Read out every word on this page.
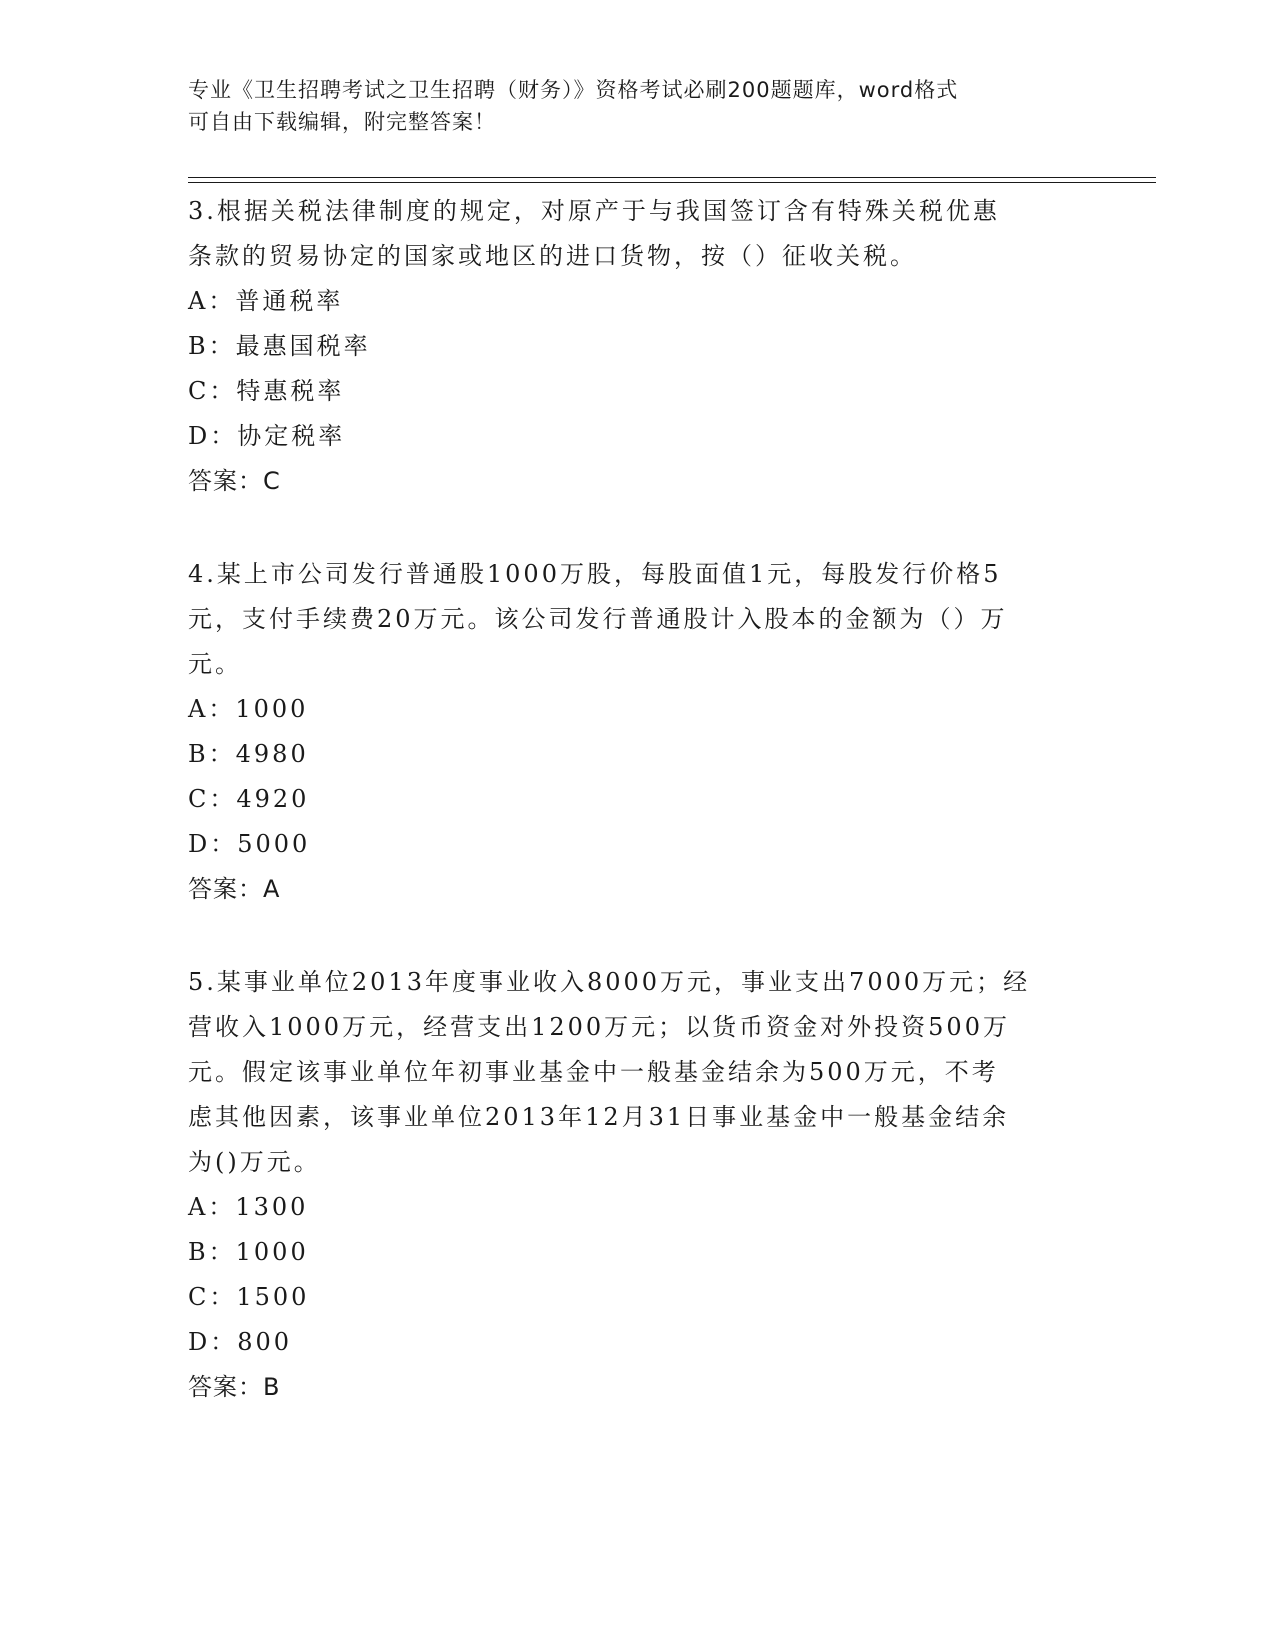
专业《卫生招聘考试之卫生招聘（财务）》资格考试必刷200题题库，word格式
可自由下载编辑，附完整答案！
3.根据关税法律制度的规定，对原产于与我国签订含有特殊关税优惠
条款的贸易协定的国家或地区的进口货物，按（）征收关税。
A：普通税率
B：最惠国税率
C：特惠税率
D：协定税率
答案：C
4.某上市公司发行普通股1000万股，每股面值1元，每股发行价格5
元，支付手续费20万元。该公司发行普通股计入股本的金额为（）万
元。
A：1000
B：4980
C：4920
D：5000
答案：A
5.某事业单位2013年度事业收入8000万元，事业支出7000万元；经
营收入1000万元，经营支出1200万元；以货币资金对外投资500万
元。假定该事业单位年初事业基金中一般基金结余为500万元，不考
虑其他因素，该事业单位2013年12月31日事业基金中一般基金结余
为()万元。
A：1300
B：1000
C：1500
D：800
答案：B
